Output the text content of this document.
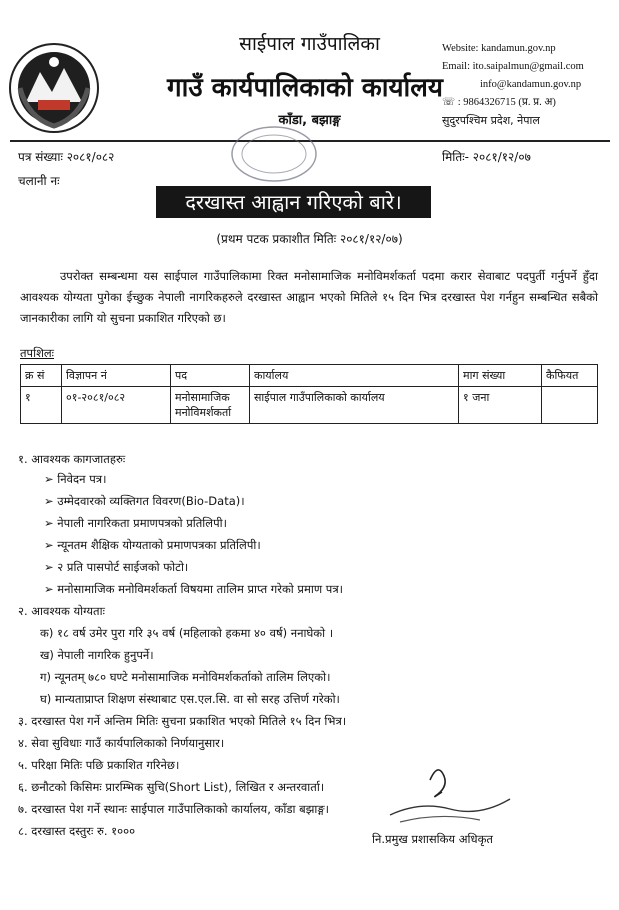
साईपाल गाउँपालिका
गाउँ कार्यपालिकाको कार्यालय
काँडा, बझाङ्ग
Website: kandamun.gov.np
Email: ito.saipalmun@gmail.com
info@kandamun.gov.np
☏ : 9864326715 (प्र. प्र. अ)
सुदुरपश्चिम प्रदेश, नेपाल
पत्र संख्याः २०८१/०८२
चलानी नः
मितिः- २०८१/१२/०७
दरखास्त आह्वान गरिएको बारे।
(प्रथम पटक प्रकाशीत मितिः २०८१/१२/०७)
उपरोक्त सम्बन्धमा यस साईपाल गाउँपालिकामा रिक्त मनोसामाजिक मनोविमर्शकर्ता पदमा करार सेवाबाट पदपुर्ती गर्नुपर्ने हुँदा आवश्यक योग्यता पुगेका ईच्छुक नेपाली नागरिकहरुले दरखास्त आह्वान भएको मितिले १५ दिन भित्र दरखास्त पेश गर्नहुन सम्बन्धित सबैको जानकारीका लागि यो सुचना प्रकाशित गरिएको छ।
तपशिलः
क्र सं	विज्ञापन नं	पद	कार्यालय	माग संख्या	कैफियत
१	०१-२०८१/०८२	मनोसामाजिक मनोविमर्शकर्ता	साईपाल गाउँपालिकाको कार्यालय	१ जना	
१. आवश्यक कागजातहरुः
➢ निवेदन पत्र।
➢ उम्मेदवारको व्यक्तिगत विवरण(Bio-Data)।
➢ नेपाली नागरिकता प्रमाणपत्रको प्रतिलिपी।
➢ न्यूनतम शैक्षिक योग्यताको प्रमाणपत्रका प्रतिलिपी।
➢ २ प्रति पासपोर्ट साईजको फोटो।
➢ मनोसामाजिक मनोविमर्शकर्ता विषयमा तालिम प्राप्त गरेको प्रमाण पत्र।
२. आवश्यक योग्यताः
क) १८ वर्ष उमेर पुरा गरि ३५ वर्ष (महिलाको हकमा ४० वर्ष) ननाघेको ।
ख) नेपाली नागरिक हुनुपर्ने।
ग) न्यूनतम् ७८० घण्टे मनोसामाजिक मनोविमर्शकर्ताको तालिम लिएको।
घ) मान्यताप्राप्त शिक्षण संस्थाबाट एस.एल.सि. वा सो सरह उत्तिर्ण गरेको।
३. दरखास्त पेश गर्ने अन्तिम मितिः सुचना प्रकाशित भएको मितिले १५ दिन भित्र।
४. सेवा सुविधाः गाउँ कार्यपालिकाको निर्णयानुसार।
५. परिक्षा मितिः पछि प्रकाशित गरिनेछ।
६. छनौटको किसिमः प्रारम्भिक सुचि(Short List), लिखित र अन्तरवार्ता।
७. दरखास्त पेश गर्ने स्थानः साईपाल गाउँपालिकाको कार्यालय, काँडा बझाङ्ग।
८. दरखास्त दस्तुरः रु. १०००
नि.प्रमुख प्रशासकिय अधिकृत
